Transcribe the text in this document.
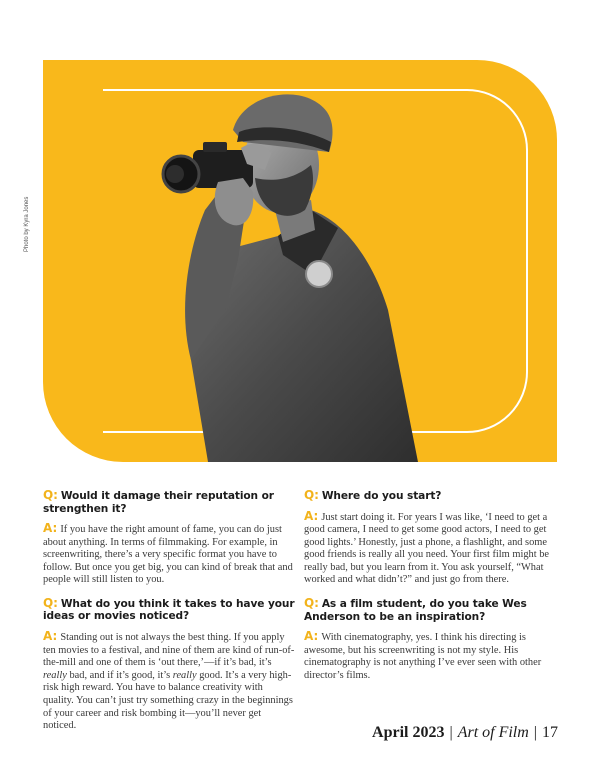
Photo by Kyra Jones

Q: Would it damage their reputation or strengthen it?

A: If you have the right amount of fame, you can do just about anything. In terms of filmmaking. For example, in screenwriting, there’s a very specific format you have to follow. But once you get big, you can kind of break that and people will still listen to you.

Q: What do you think it takes to have your ideas or movies noticed?

A: Standing out is not always the best thing. If you apply ten movies to a festival, and nine of them are kind of run-of-the-mill and one of them is ‘out there,’—if it’s bad, it’s really bad, and if it’s good, it’s really good. It’s a very high-risk high reward. You have to balance creativity with quality. You can’t just try something crazy in the beginnings of your career and risk bombing it—you’ll never get noticed.

Q: Where do you start?

A: Just start doing it. For years I was like, ‘I need to get a good camera, I need to get some good actors, I need to get good lights.’ Honestly, just a phone, a flashlight, and some good friends is really all you need. Your first film might be really bad, but you learn from it. You ask yourself, “What worked and what didn’t?” and just go from there.

Q: As a film student, do you take Wes Anderson to be an inspiration?

A: With cinematography, yes. I think his directing is awesome, but his screenwriting is not my style. His cinematography is not anything I’ve ever seen with other director’s films.

April 2023 | Art of Film | 17
